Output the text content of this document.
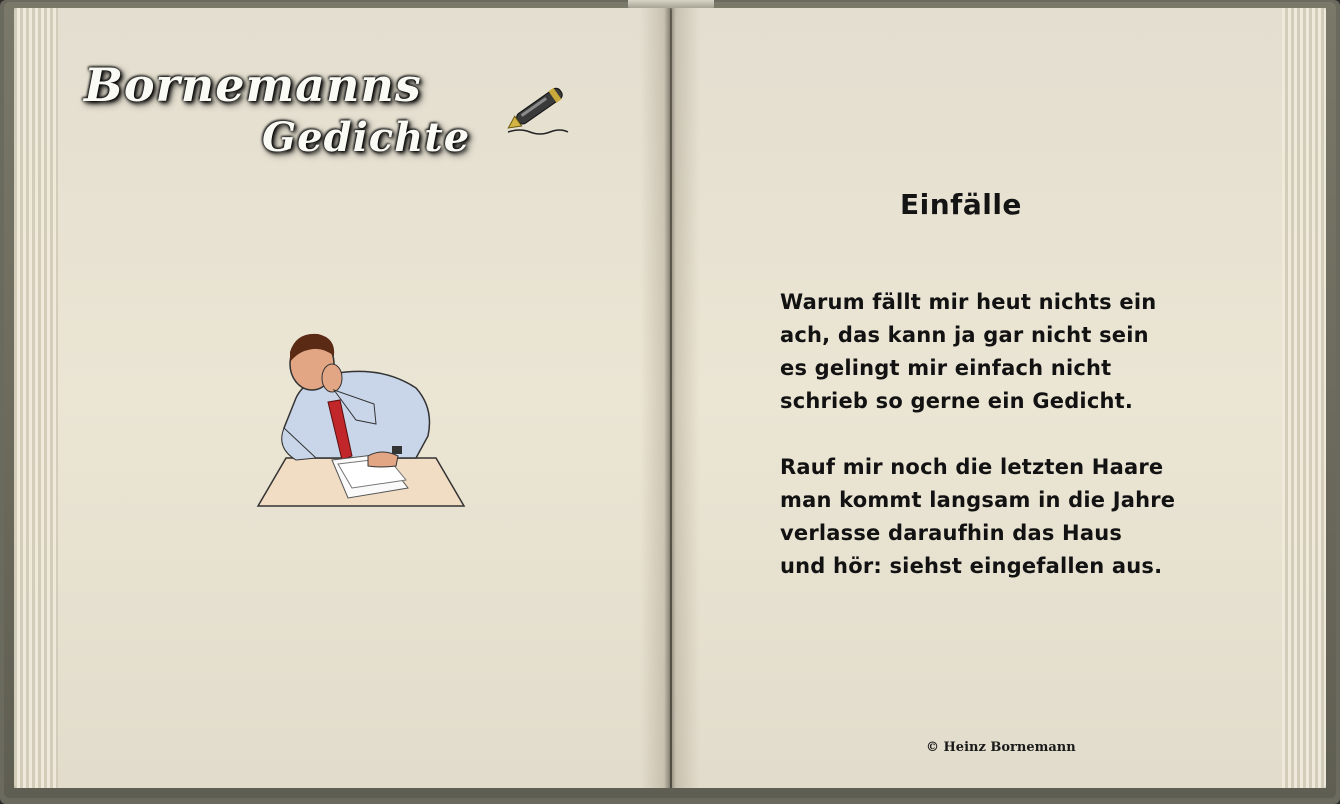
Bornemanns
Gedichte
Einfälle
Warum fällt mir heut nichts ein
ach, das kann ja gar nicht sein
es gelingt mir einfach nicht
schrieb so gerne ein Gedicht.
Rauf mir noch die letzten Haare
man kommt langsam in die Jahre
verlasse daraufhin das Haus
und hör: siehst eingefallen aus.
© Heinz Bornemann
